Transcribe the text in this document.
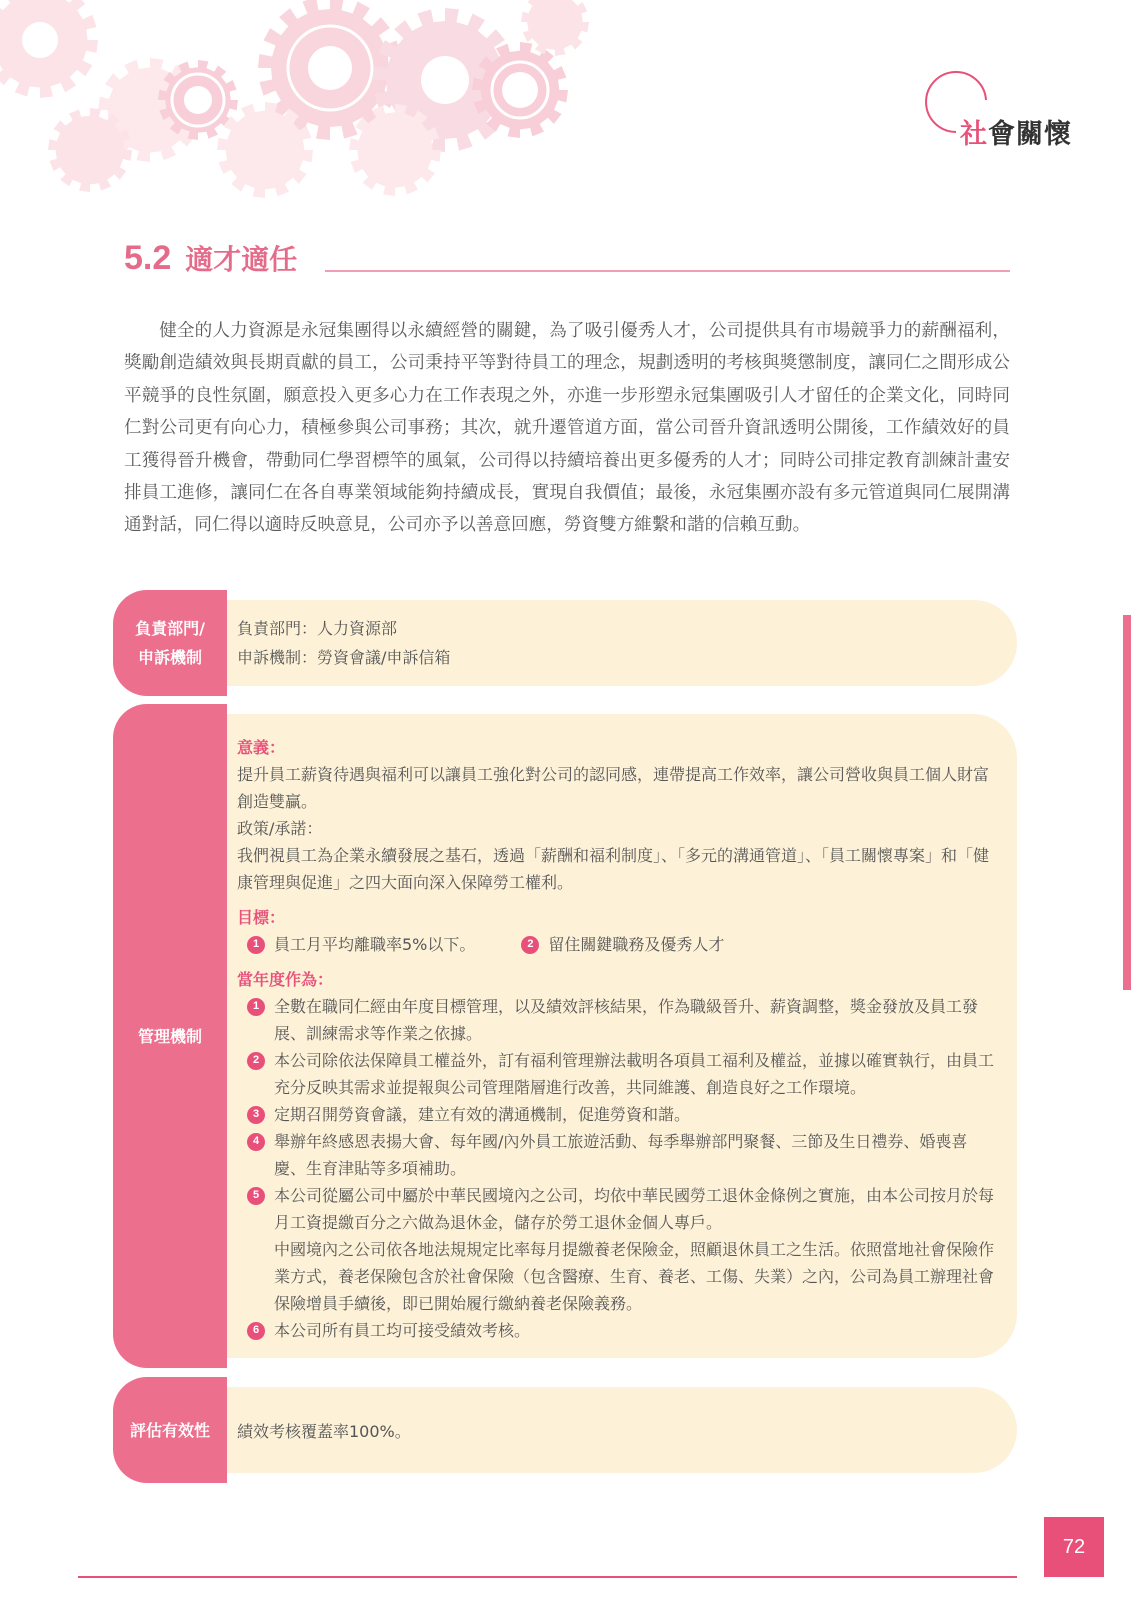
社會關懷
5.2 適才適任

健全的人力資源是永冠集團得以永續經營的關鍵，為了吸引優秀人才，公司提供具有市場競爭力的薪酬福利，獎勵創造績效與長期貢獻的員工，公司秉持平等對待員工的理念，規劃透明的考核與獎懲制度，讓同仁之間形成公平競爭的良性氛圍，願意投入更多心力在工作表現之外，亦進一步形塑永冠集團吸引人才留任的企業文化，同時同仁對公司更有向心力，積極參與公司事務；其次，就升遷管道方面，當公司晉升資訊透明公開後，工作績效好的員工獲得晉升機會，帶動同仁學習標竿的風氣，公司得以持續培養出更多優秀的人才；同時公司排定教育訓練計畫安排員工進修，讓同仁在各自專業領域能夠持續成長，實現自我價值；最後，永冠集團亦設有多元管道與同仁展開溝通對話，同仁得以適時反映意見，公司亦予以善意回應，勞資雙方維繫和諧的信賴互動。

負責部門/
申訴機制
負責部門：人力資源部
申訴機制：勞資會議/申訴信箱
管理機制
意義：
提升員工薪資待遇與福利可以讓員工強化對公司的認同感，連帶提高工作效率，讓公司營收與員工個人財富創造雙贏。
政策/承諾：
我們視員工為企業永續發展之基石，透過「薪酬和福利制度」、「多元的溝通管道」、「員工關懷專案」和「健康管理與促進」之四大面向深入保障勞工權利。
目標：
1 員工月平均離職率5%以下。	2 留住關鍵職務及優秀人才
當年度作為：
1 全數在職同仁經由年度目標管理，以及績效評核結果，作為職級晉升、薪資調整，獎金發放及員工發展、訓練需求等作業之依據。

2 本公司除依法保障員工權益外，訂有福利管理辦法載明各項員工福利及權益，並據以確實執行，由員工充分反映其需求並提報與公司管理階層進行改善，共同維護、創造良好之工作環境。

3 定期召開勞資會議，建立有效的溝通機制，促進勞資和諧。

4 舉辦年終感恩表揚大會、每年國/內外員工旅遊活動、每季舉辦部門聚餐、三節及生日禮券、婚喪喜慶、生育津貼等多項補助。

5 本公司從屬公司中屬於中華民國境內之公司，均依中華民國勞工退休金條例之實施，由本公司按月於每月工資提繳百分之六做為退休金，儲存於勞工退休金個人專戶。

中國境內之公司依各地法規規定比率每月提繳養老保險金，照顧退休員工之生活。依照當地社會保險作業方式，養老保險包含於社會保險（包含醫療、生育、養老、工傷、失業）之內，公司為員工辦理社會保險增員手續後，即已開始履行繳納養老保險義務。

6 本公司所有員工均可接受績效考核。

評估有效性	績效考核覆蓋率100%。
72
